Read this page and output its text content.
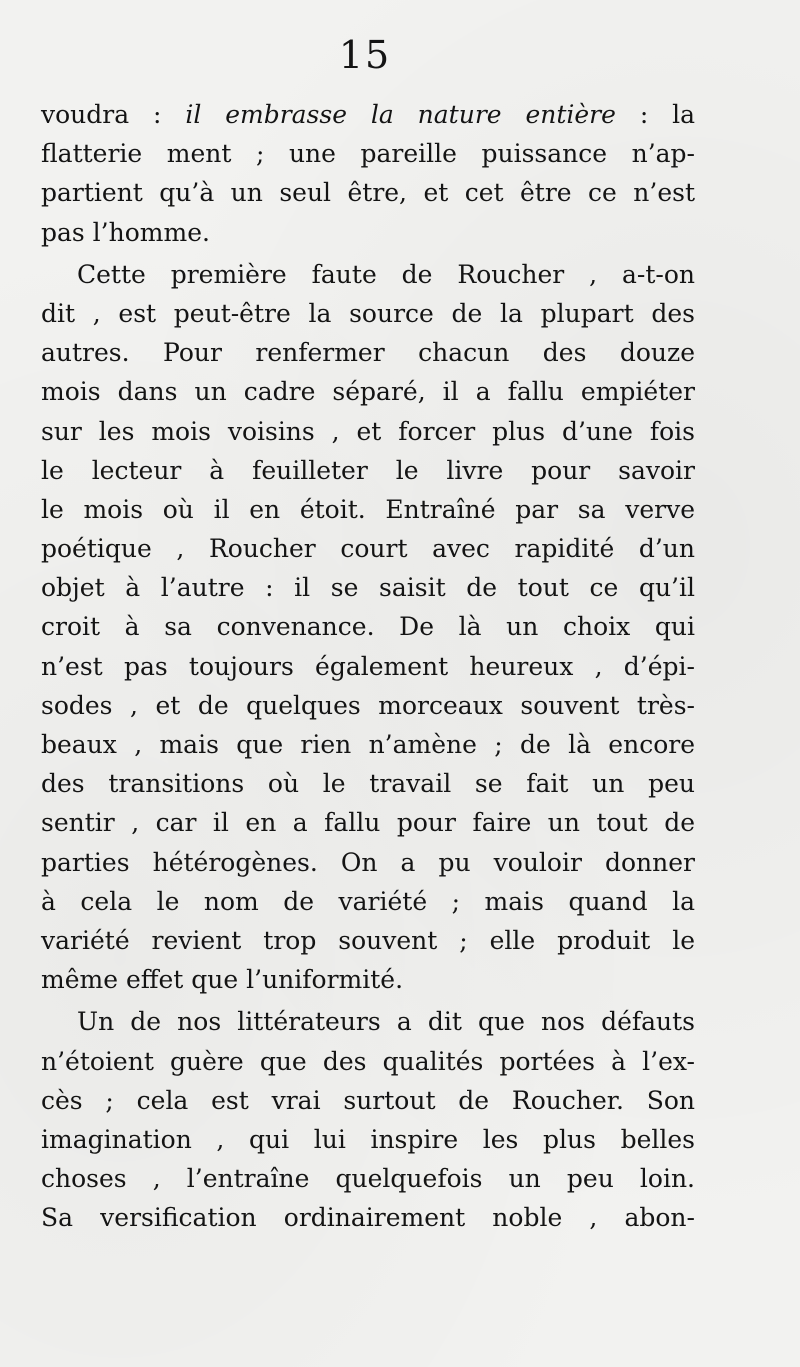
15
voudra : il embrasse la nature entière : la
flatterie ment ; une pareille puissance n’ap-
partient qu’à un seul être, et cet être ce n’est
pas l’homme.
Cette première faute de Roucher , a-t-on
dit , est peut-être la source de la plupart des
autres. Pour renfermer chacun des douze
mois dans un cadre séparé, il a fallu empiéter
sur les mois voisins , et forcer plus d’une fois
le lecteur à feuilleter le livre pour savoir
le mois où il en étoit. Entraîné par sa verve
poétique , Roucher court avec rapidité d’un
objet à l’autre : il se saisit de tout ce qu’il
croit à sa convenance. De là un choix qui
n’est pas toujours également heureux , d’épi-
sodes , et de quelques morceaux souvent très-
beaux , mais que rien n’amène ; de là encore
des transitions où le travail se fait un peu
sentir , car il en a fallu pour faire un tout de
parties hétérogènes. On a pu vouloir donner
à cela le nom de variété ; mais quand la
variété revient trop souvent ; elle produit le
même effet que l’uniformité.
Un de nos littérateurs a dit que nos défauts
n’étoient guère que des qualités portées à l’ex-
cès ; cela est vrai surtout de Roucher. Son
imagination , qui lui inspire les plus belles
choses , l’entraîne quelquefois un peu loin.
Sa versification ordinairement noble , abon-
